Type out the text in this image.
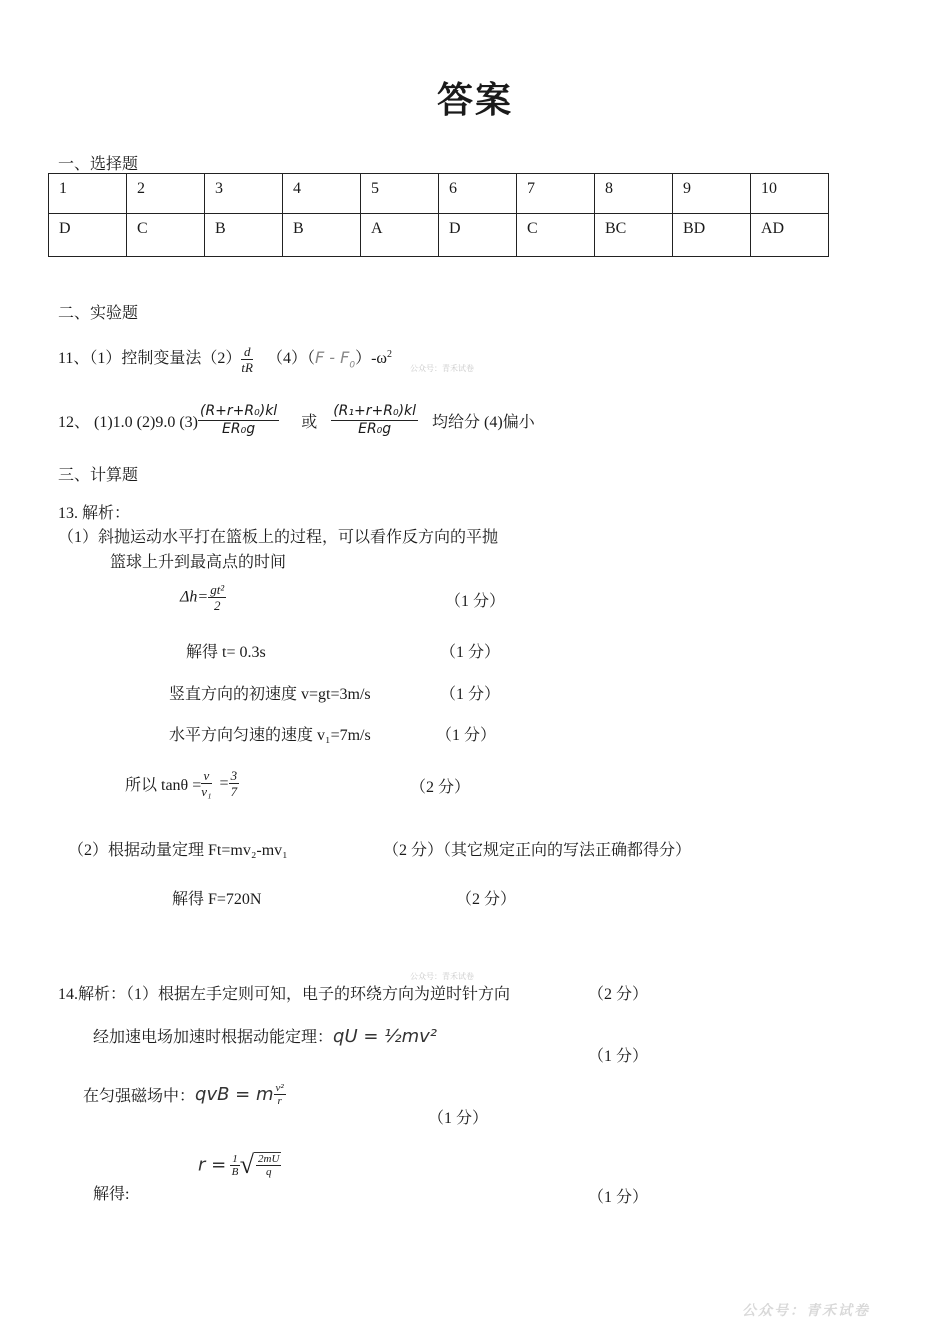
答案
一、选择题
1	2	3	4	5	6	7	8	9	10
D	C	B	B	A	D	C	BC	BD	AD
二、实验题
11、（1）控制变量法$(2) \frac{d}{tR} (4)(F - F_0)-\omega^2$
公众号：青禾试卷
12、 (1)1.0 (2)9.0 $(3) \frac{\text{(R+r+R₀)kl}}{\text{ER₀g}}$ 或 $\frac{\text{(R₁+r+R₀)kl}}{\text{ER₀g}}$ 均给分 (4)偏小
三、计算题
13. 解析：
（1）斜抛运动水平打在篮板上的过程，可以看作反方向的平抛
篮球上升到最高点的时间
$\Delta h= \frac{\text{gt²}}{2}$	（1 分）
解得 t= 0.3s	（1 分）
竖直方向的初速度 v=gt=3m/s	（1 分）
水平方向匀速的速度 v₁=7m/s	（1 分）
所以 $\tan\theta = \frac{v}{\text{v₁}} = \frac{3}{7}$	（2 分）
（2）根据动量定理 Ft=mv₂-mv₁	（2 分）（其它规定正向的写法正确都得分）
解得 F=720N	（2 分）
公众号：青禾试卷
14.解析：（1）根据左手定则可知，电子的环绕方向为逆时针方向	（2 分）
经加速电场加速时根据动能定理：qU = ½mv²
（1 分）
在匀强磁场中：qvB = m $\frac{\text{v²}}{r}$
（1 分）
$r = \frac{1}{B}$ √ $\frac{2mU}{q}$
解得:	（1 分）
公众号：青禾试卷
